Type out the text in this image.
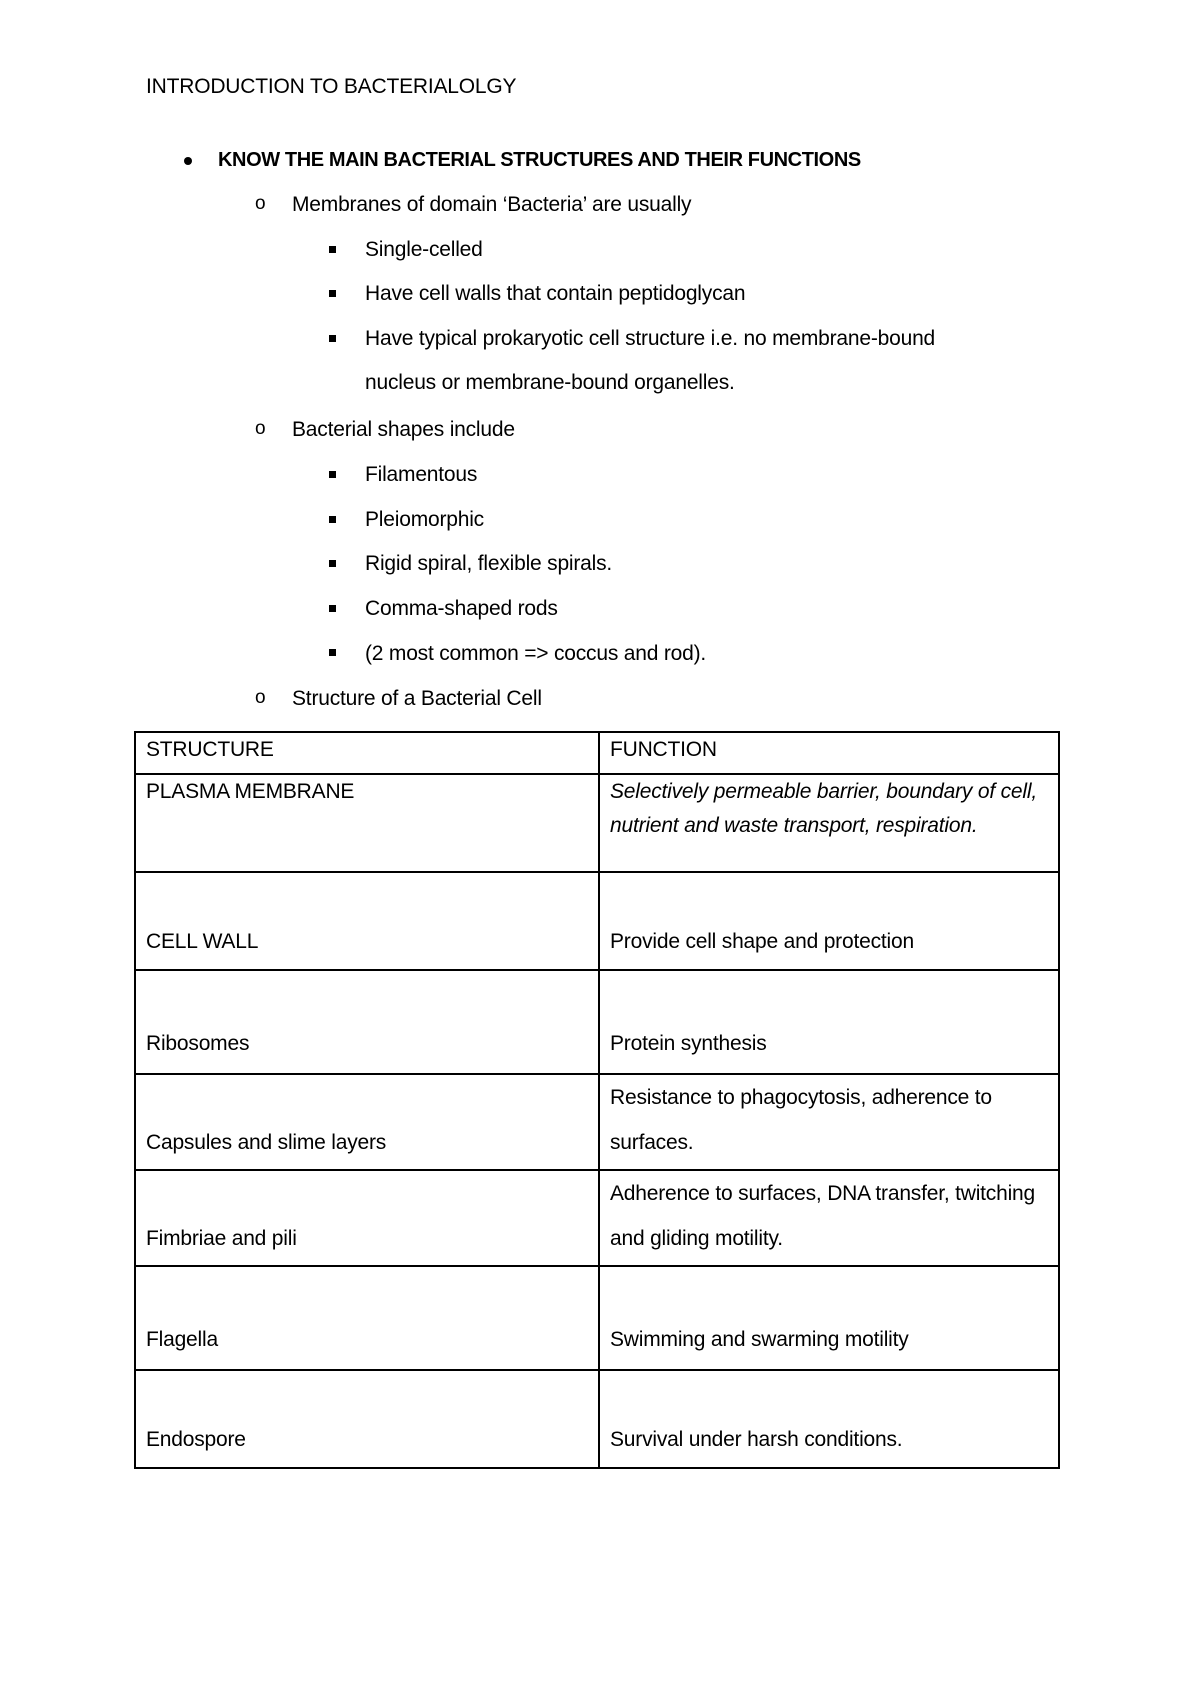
INTRODUCTION TO BACTERIALOLGY
KNOW THE MAIN BACTERIAL STRUCTURES AND THEIR FUNCTIONS
o Membranes of domain ‘Bacteria’ are usually
Single-celled
Have cell walls that contain peptidoglycan
Have typical prokaryotic cell structure i.e. no membrane-bound
nucleus or membrane-bound organelles.
o Bacterial shapes include
Filamentous
Pleiomorphic
Rigid spiral, flexible spirals.
Comma-shaped rods
(2 most common => coccus and rod).
o Structure of a Bacterial Cell
STRUCTURE	FUNCTION
PLASMA MEMBRANE	Selectively permeable barrier, boundary of cell, nutrient and waste transport, respiration.
CELL WALL	Provide cell shape and protection
Ribosomes	Protein synthesis
Capsules and slime layers	Resistance to phagocytosis, adherence to surfaces.
Fimbriae and pili	Adherence to surfaces, DNA transfer, twitching and gliding motility.
Flagella	Swimming and swarming motility
Endospore	Survival under harsh conditions.
